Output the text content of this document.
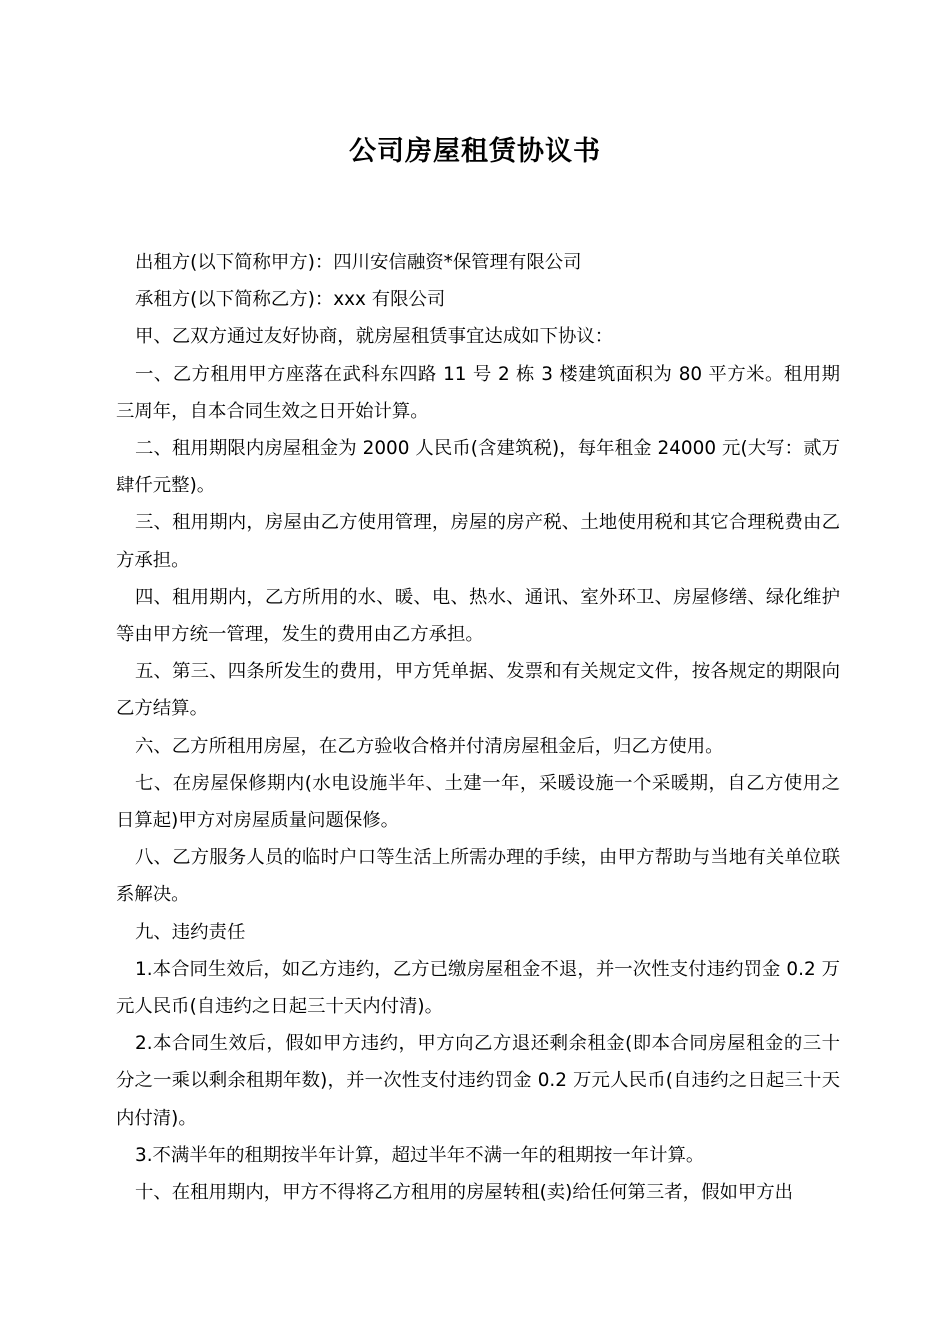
公司房屋租赁协议书

出租方(以下简称甲方)：四川安信融资*保管理有限公司

承租方(以下简称乙方)：xxx 有限公司

甲、乙双方通过友好协商，就房屋租赁事宜达成如下协议：

一、乙方租用甲方座落在武科东四路 11 号 2 栋 3 楼建筑面积为 80 平方米。租用期三周年，自本合同生效之日开始计算。

二、租用期限内房屋租金为 2000 人民币(含建筑税)，每年租金 24000 元(大写：贰万肆仟元整)。

三、租用期内，房屋由乙方使用管理，房屋的房产税、土地使用税和其它合理税费由乙方承担。

四、租用期内，乙方所用的水、暖、电、热水、通讯、室外环卫、房屋修缮、绿化维护等由甲方统一管理，发生的费用由乙方承担。

五、第三、四条所发生的费用，甲方凭单据、发票和有关规定文件，按各规定的期限向乙方结算。

六、乙方所租用房屋，在乙方验收合格并付清房屋租金后，归乙方使用。

七、在房屋保修期内(水电设施半年、土建一年，采暖设施一个采暖期，自乙方使用之日算起)甲方对房屋质量问题保修。

八、乙方服务人员的临时户口等生活上所需办理的手续，由甲方帮助与当地有关单位联系解决。

九、违约责任

1.本合同生效后，如乙方违约，乙方已缴房屋租金不退，并一次性支付违约罚金 0.2 万元人民币(自违约之日起三十天内付清)。

2.本合同生效后，假如甲方违约，甲方向乙方退还剩余租金(即本合同房屋租金的三十分之一乘以剩余租期年数)，并一次性支付违约罚金 0.2 万元人民币(自违约之日起三十天内付清)。

3.不满半年的租期按半年计算，超过半年不满一年的租期按一年计算。

十、在租用期内，甲方不得将乙方租用的房屋转租(卖)给任何第三者，假如甲方出
